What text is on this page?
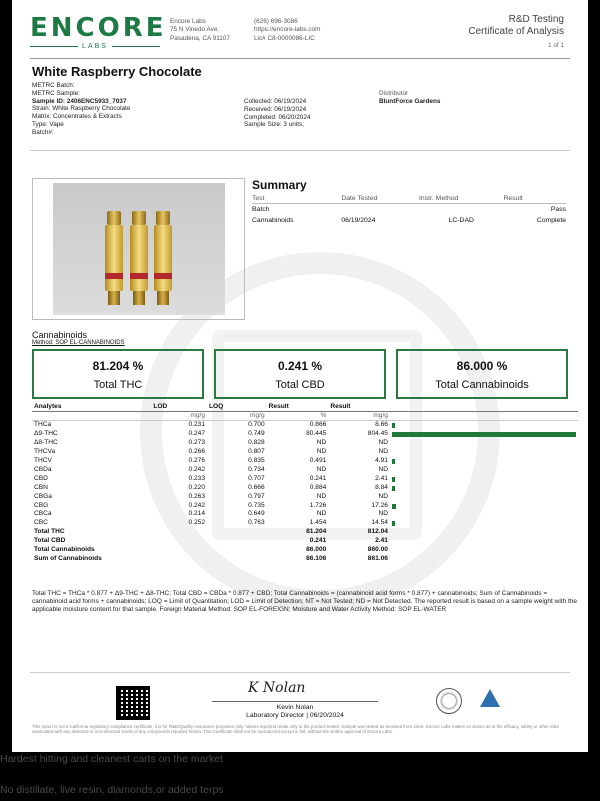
ENCORE
LABS
Encore Labs
75 N Vinedo Ave.
Pasadena, CA 91107
(626) 696-3086
https://encore-labs.com
Lic# C8-0000086-LIC
R&D Testing
Certificate of Analysis
1 of 1
White Raspberry Chocolate
METRC Batch:
METRC Sample:
Sample ID: 2406ENC5933_7037
Strain: White Raspberry Chocolate
Matrix: Concentrates & Extracts
Type: Vape
Batch#:
Collected: 06/19/2024
Received: 06/19/2024
Completed: 06/20/2024
Sample Size: 3 units;
Distributor
BluntForce Gardens
Summary
Test	Date Tested	Instr. Method	Result
Batch			Pass
Cannabinoids	06/19/2024	LC-DAD	Complete
Cannabinoids
Method: SOP EL-CANNABINOIDS
81.204 %
Total THC
0.241 %
Total CBD
86.000 %
Total Cannabinoids
Analytes	LOD	LOQ	Result	Result	
	mg/g	mg/g	%	mg/g	
THCa	0.231	0.700	0.866	8.66	

Δ9-THC	0.247	0.749	80.445	804.45	

Δ8-THC	0.273	0.828	ND	ND	
THCVa	0.266	0.807	ND	ND	
THCV	0.276	0.835	0.491	4.91	

CBDa	0.242	0.734	ND	ND	
CBD	0.233	0.707	0.241	2.41	

CBN	0.220	0.666	0.884	8.84	

CBGa	0.263	0.797	ND	ND	
CBG	0.242	0.735	1.726	17.26	

CBCa	0.214	0.649	ND	ND	
CBC	0.252	0.763	1.454	14.54	

Total THC			81.204	812.04	
Total CBD			0.241	2.41	
Total Cannabinoids			86.000	860.00	
Sum of Cannabinoids			86.106	861.06	
Total THC = THCa * 0.877 + Δ9-THC + Δ8-THC; Total CBD = CBDa * 0.877 + CBD; Total Cannabinoids = (cannabinoid acid forms * 0.877) + cannabinoids; Sum of Cannabinoids = cannabinoid acid forms + cannabinoids; LOQ = Limit of Quantitation; LOD = Limit of Detection; NT = Not Tested; ND = Not Detected. The reported result is based on a sample weight with the applicable moisture content for that sample. Foreign Material Method: SOP EL-FOREIGN; Moisture and Water Activity Method: SOP EL-WATER
K Nolan
Kevin Nolan
Laboratory Director | 06/20/2024
This report is not a California regulatory compliance certificate, it is for R&D/Quality Assurance purposes only. Values reported relate only to the product tested. Sample was tested as received from client. Encore Labs makes no claims as to the efficacy, safety or other risks associated with any detected or non-detected levels of any compounds reported herein. This Certificate shall not be reproduced except in full, without the written approval of Encore Labs.
Hardest hitting and cleanest carts on the market
No distillate, live resin, diamonds,or added terps
